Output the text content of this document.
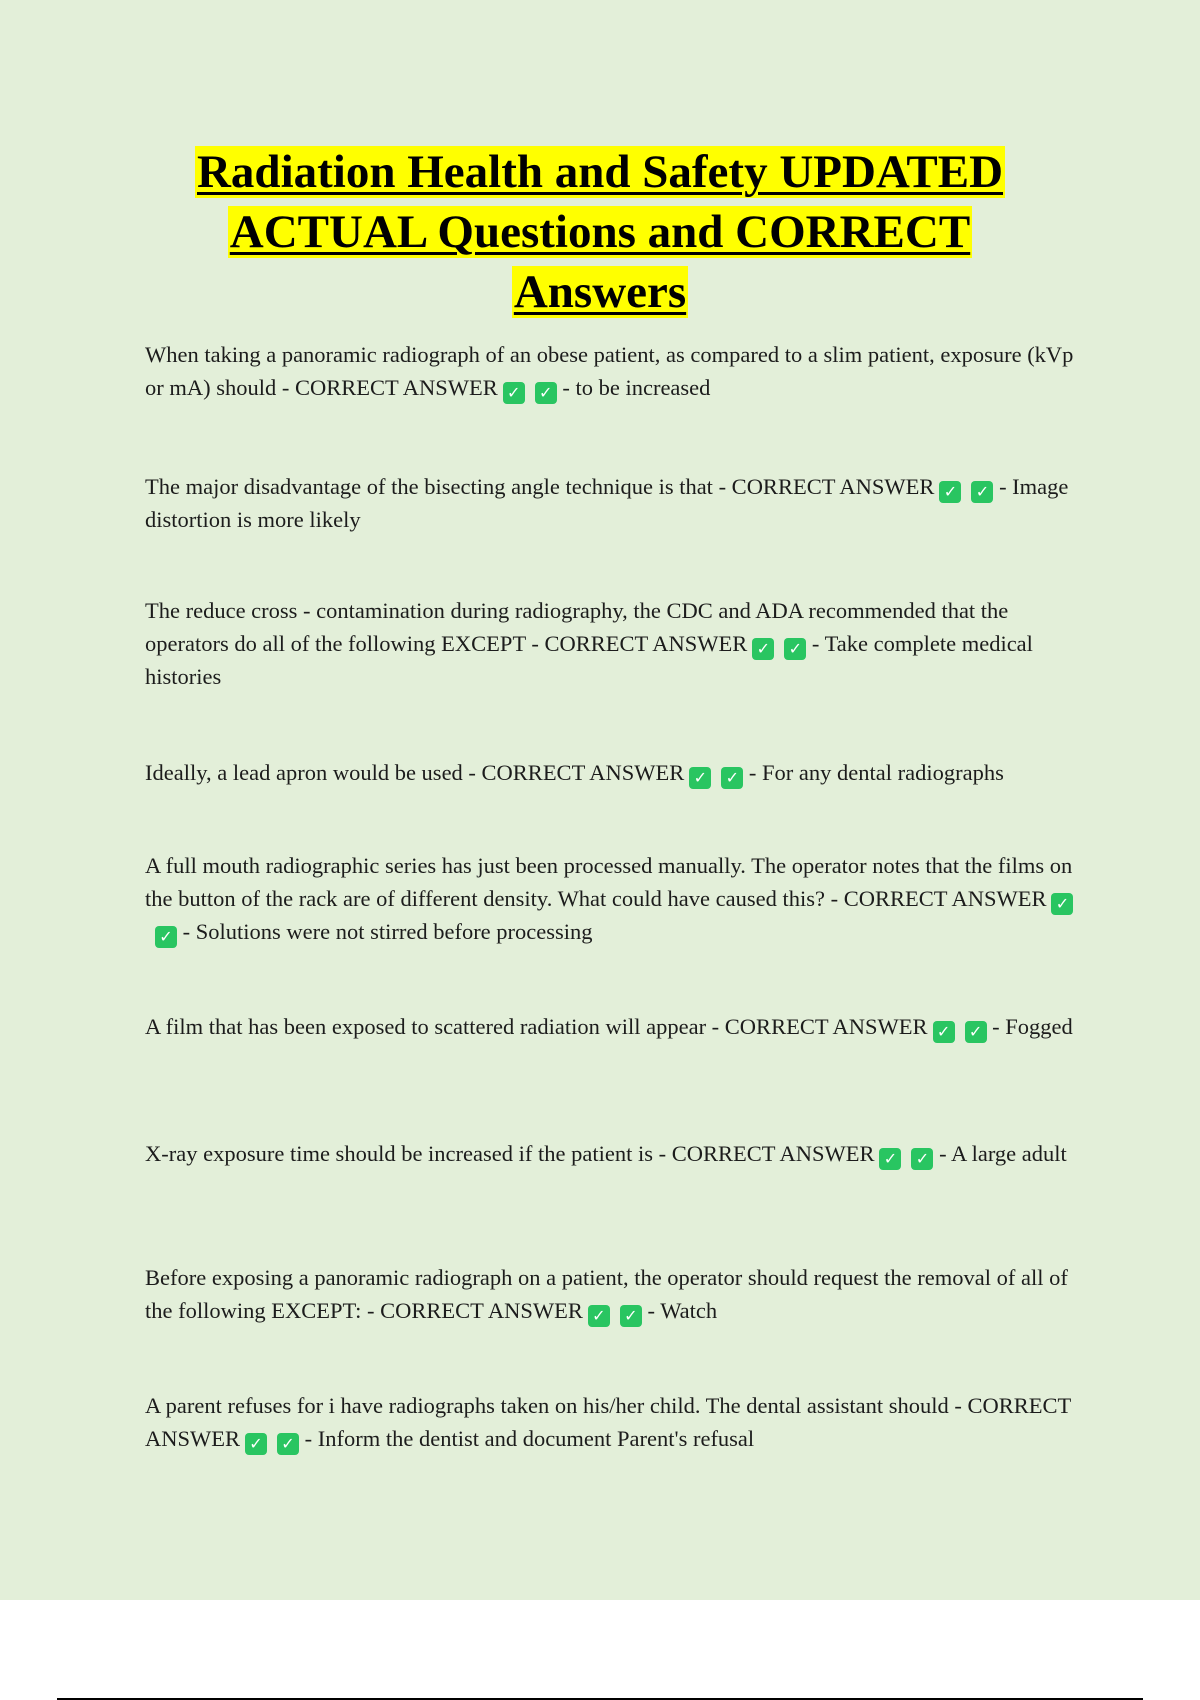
Radiation Health and Safety UPDATED
ACTUAL Questions and CORRECT
Answers

When taking a panoramic radiograph of an obese patient, as compared to a slim patient, exposure (kVp or mA) should - CORRECT ANSWER ✓ ✓ - to be increased

The major disadvantage of the bisecting angle technique is that - CORRECT ANSWER ✓ ✓ - Image distortion is more likely

The reduce cross - contamination during radiography, the CDC and ADA recommended that the operators do all of the following EXCEPT - CORRECT ANSWER ✓ ✓ - Take complete medical histories

Ideally, a lead apron would be used - CORRECT ANSWER ✓ ✓ - For any dental radiographs

A full mouth radiographic series has just been processed manually. The operator notes that the films on the button of the rack are of different density. What could have caused this? - CORRECT ANSWER ✓✓ - Solutions were not stirred before processing

A film that has been exposed to scattered radiation will appear - CORRECT ANSWER ✓ ✓ - Fogged

X-ray exposure time should be increased if the patient is - CORRECT ANSWER ✓ ✓ - A large adult

Before exposing a panoramic radiograph on a patient, the operator should request the removal of all of the following EXCEPT: - CORRECT ANSWER ✓ ✓ - Watch

A parent refuses for i have radiographs taken on his/her child. The dental assistant should - CORRECT ANSWER ✓ ✓ - Inform the dentist and document Parent's refusal
